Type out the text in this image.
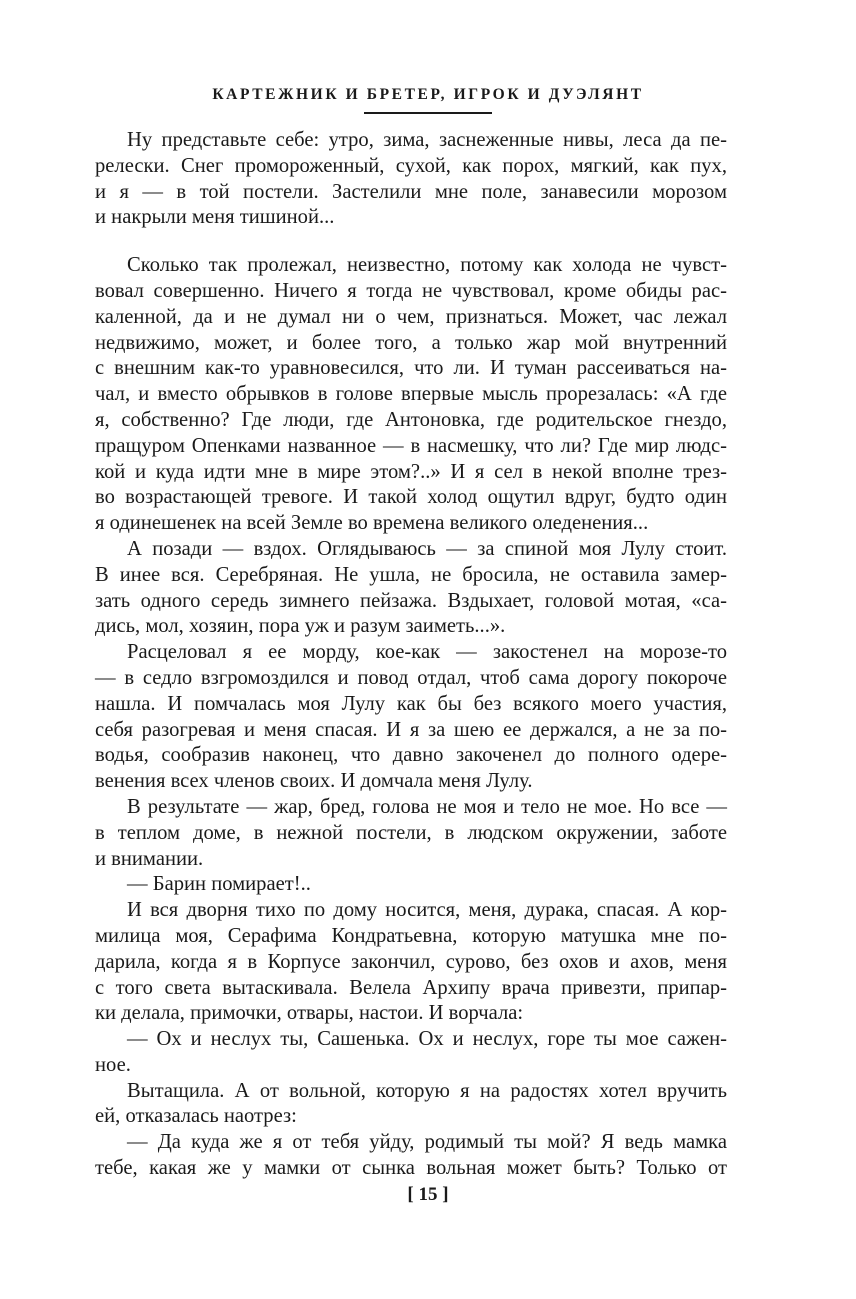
КАРТЕЖНИК И БРЕТЕР, ИГРОК И ДУЭЛЯНТ
Ну представьте себе: утро, зима, заснеженные нивы, леса да пе-
релески. Снег промороженный, сухой, как порох, мягкий, как пух,
и я — в той постели. Застелили мне поле, занавесили морозом
и накрыли меня тишиной...
Сколько так пролежал, неизвестно, потому как холода не чувст-
вовал совершенно. Ничего я тогда не чувствовал, кроме обиды рас-
каленной, да и не думал ни о чем, признаться. Может, час лежал
недвижимо, может, и более того, а только жар мой внутренний
с внешним как-то уравновесился, что ли. И туман рассеиваться на-
чал, и вместо обрывков в голове впервые мысль прорезалась: «А где
я, собственно? Где люди, где Антоновка, где родительское гнездо,
пращуром Опенками названное — в насмешку, что ли? Где мир людс-
кой и куда идти мне в мире этом?..» И я сел в некой вполне трез-
во возрастающей тревоге. И такой холод ощутил вдруг, будто один
я одинешенек на всей Земле во времена великого оледенения...
А позади — вздох. Оглядываюсь — за спиной моя Лулу стоит.
В инее вся. Серебряная. Не ушла, не бросила, не оставила замер-
зать одного середь зимнего пейзажа. Вздыхает, головой мотая, «са-
дись, мол, хозяин, пора уж и разум заиметь...».
Расцеловал я ее морду, кое-как — закостенел на морозе-то
— в седло взгромоздился и повод отдал, чтоб сама дорогу покороче
нашла. И помчалась моя Лулу как бы без всякого моего участия,
себя разогревая и меня спасая. И я за шею ее держался, а не за по-
водья, сообразив наконец, что давно закоченел до полного одере-
венения всех членов своих. И домчала меня Лулу.
В результате — жар, бред, голова не моя и тело не мое. Но все —
в теплом доме, в нежной постели, в людском окружении, заботе
и внимании.
— Барин помирает!..
И вся дворня тихо по дому носится, меня, дурака, спасая. А кор-
милица моя, Серафима Кондратьевна, которую матушка мне по-
дарила, когда я в Корпусе закончил, сурово, без охов и ахов, меня
с того света вытаскивала. Велела Архипу врача привезти, припар-
ки делала, примочки, отвары, настои. И ворчала:
— Ох и неслух ты, Сашенька. Ох и неслух, горе ты мое сажен-
ное.
Вытащила. А от вольной, которую я на радостях хотел вручить
ей, отказалась наотрез:
— Да куда же я от тебя уйду, родимый ты мой? Я ведь мамка
тебе, какая же у мамки от сынка вольная может быть? Только от
[ 15 ]
